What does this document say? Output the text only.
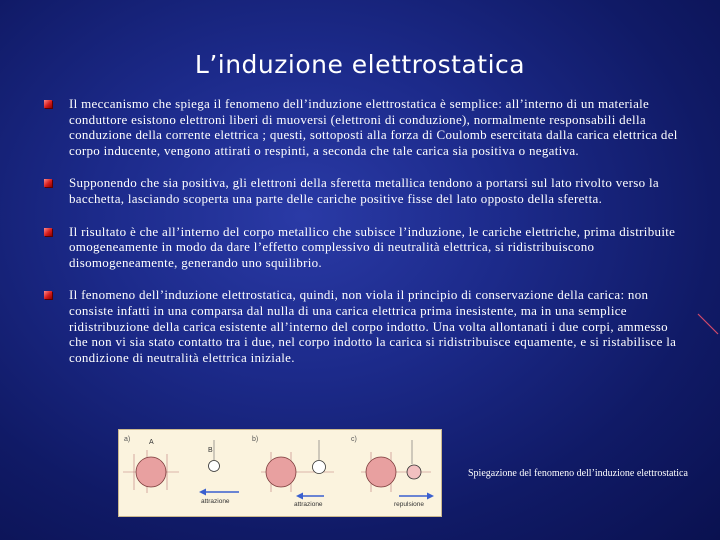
L’induzione elettrostatica
Il meccanismo che spiega il fenomeno dell’induzione elettrostatica è semplice: all’interno di un materiale conduttore esistono elettroni liberi di muoversi (elettroni di conduzione), normalmente responsabili della conduzione della corrente elettrica ; questi, sottoposti alla forza di Coulomb esercitata dalla carica elettrica del corpo inducente, vengono attirati o respinti, a seconda che tale carica sia positiva o negativa.
Supponendo che sia positiva, gli elettroni della sferetta metallica tendono a portarsi sul lato rivolto verso la bacchetta, lasciando scoperta una parte delle cariche positive fisse del lato opposto della sferetta.
Il risultato è che all’interno del corpo metallico che subisce l’induzione, le cariche elettriche, prima distribuite omogeneamente in modo da dare l’effetto complessivo di neutralità elettrica, si ridistribuiscono disomogeneamente, generando uno squilibrio.
Il fenomeno dell’induzione elettrostatica, quindi, non viola il principio di conservazione della carica: non consiste infatti in una comparsa dal nulla di una carica elettrica prima inesistente, ma in una semplice ridistribuzione della carica esistente all’interno del corpo indotto. Una volta allontanati i due corpi, ammesso che non vi sia stato contatto tra i due, nel corpo indotto la carica si ridistribuisce equamente, e si ristabilisce la condizione di neutralità elettrica iniziale.
a)	b)	c)
A
B
attrazione	attrazione	repulsione
Spiegazione del fenomeno dell’induzione elettrostatica
